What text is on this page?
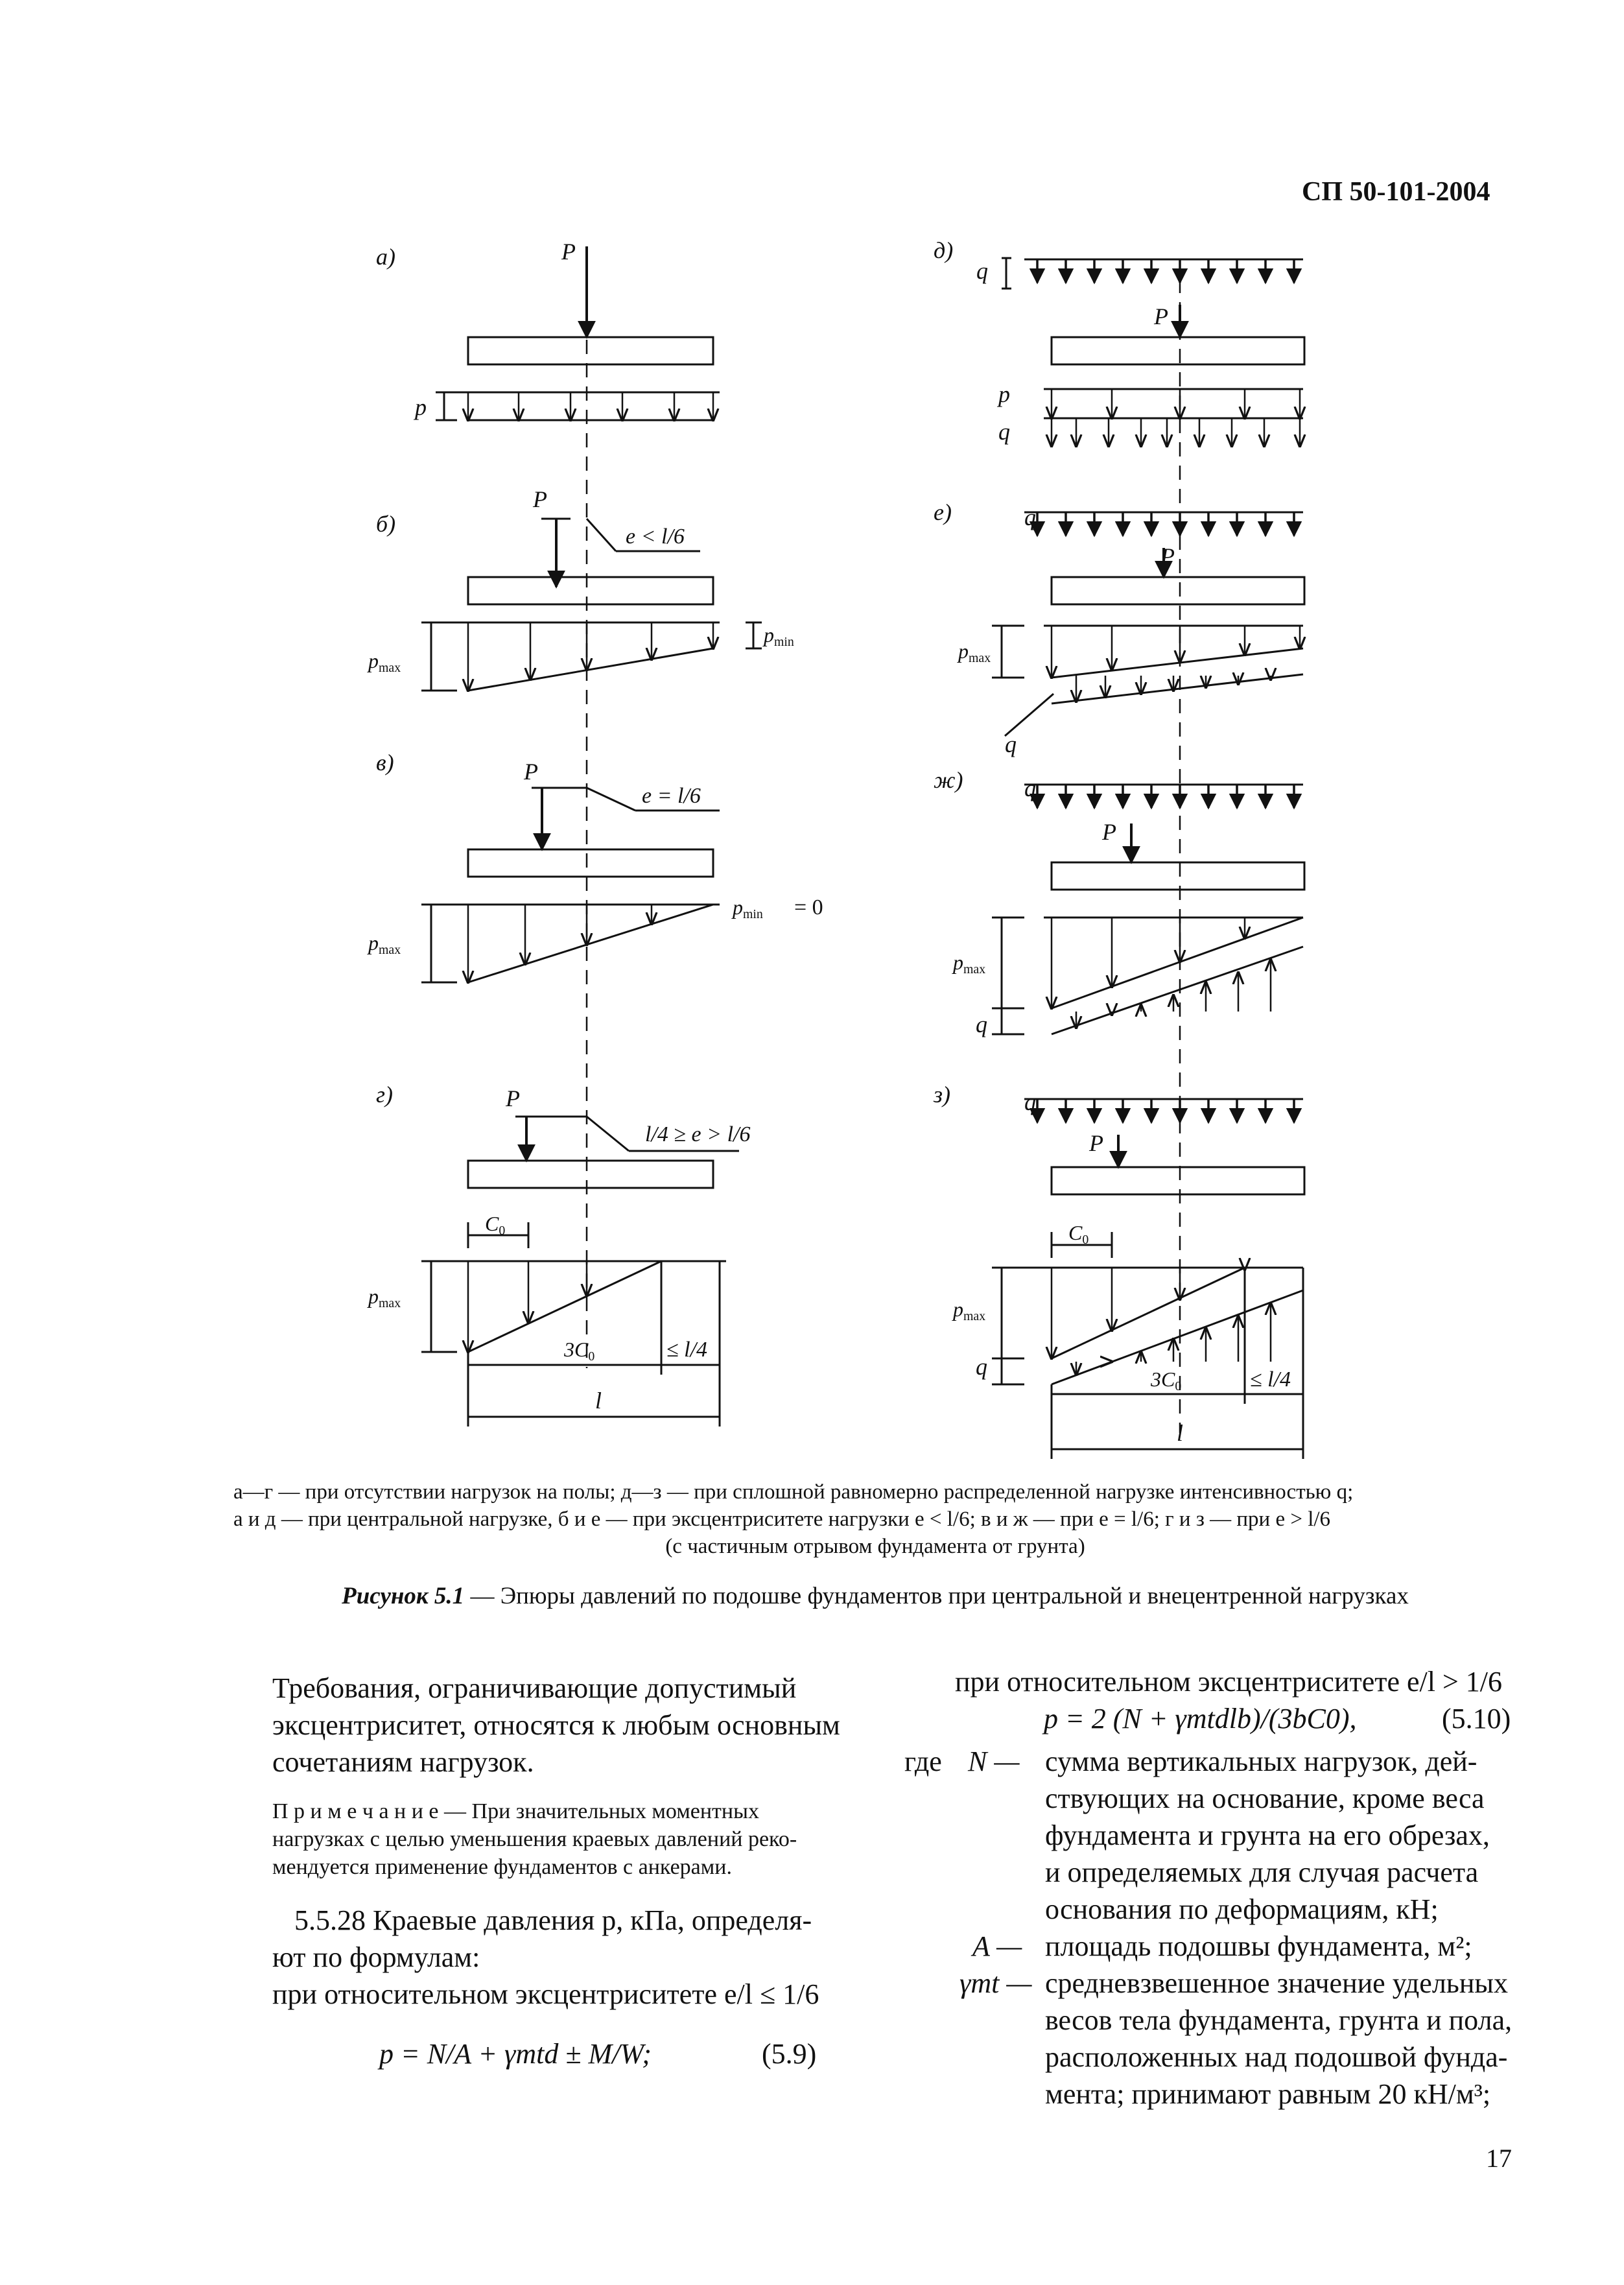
СП 50-101-2004
а)	P
p
б)
P
e < l/6
pmax
pmin
в)	P
e = l/6
pmax
pmin = 0
г)	P
l/4 ≥ e > l/6
C0
pmax
3C0	≤ l/4
l
д)
q
P
p
q
е)	q
P
pmax
q
ж)	q
P
pmax
q
з)	q
P
C0
pmax
q	3C0	≤ l/4
l
а—г — при отсутствии нагрузок на полы; д—з — при сплошной равномерно распределенной нагрузке интенсивностью q;
а и д — при центральной нагрузке, б и е — при эксцентриситете нагрузки e < l/6; в и ж — при e = l/6; г и з — при e > l/6
(с частичным отрывом фундамента от грунта)
Рисунок 5.1 — Эпюры давлений по подошве фундаментов при центральной и внецентренной нагрузках
Требования, ограничивающие допустимый
эксцентриситет, относятся к любым основным
сочетаниям нагрузок.
П р и м е ч а н и е — При значительных моментных
нагрузках с целью уменьшения краевых давлений реко-
мендуется применение фундаментов с анкерами.
5.5.28 Краевые давления p, кПа, определя-
ют по формулам:
при относительном эксцентриситете e/l ≤ 1/6
p = N/A + γmtd ± M/W;	(5.9)
при относительном эксцентриситете e/l > 1/6
p = 2 (N + γmtdlb)/(3bC0),	(5.10)
где N — сумма вертикальных нагрузок, дей-
ствующих на основание, кроме веса
фундамента и грунта на его обрезах,
и определяемых для случая расчета
основания по деформациям, кН;
A — площадь подошвы фундамента, м²;
γmt — средневзвешенное значение удельных
весов тела фундамента, грунта и пола,
расположенных над подошвой фунда-
мента; принимают равным 20 кН/м³;
17
